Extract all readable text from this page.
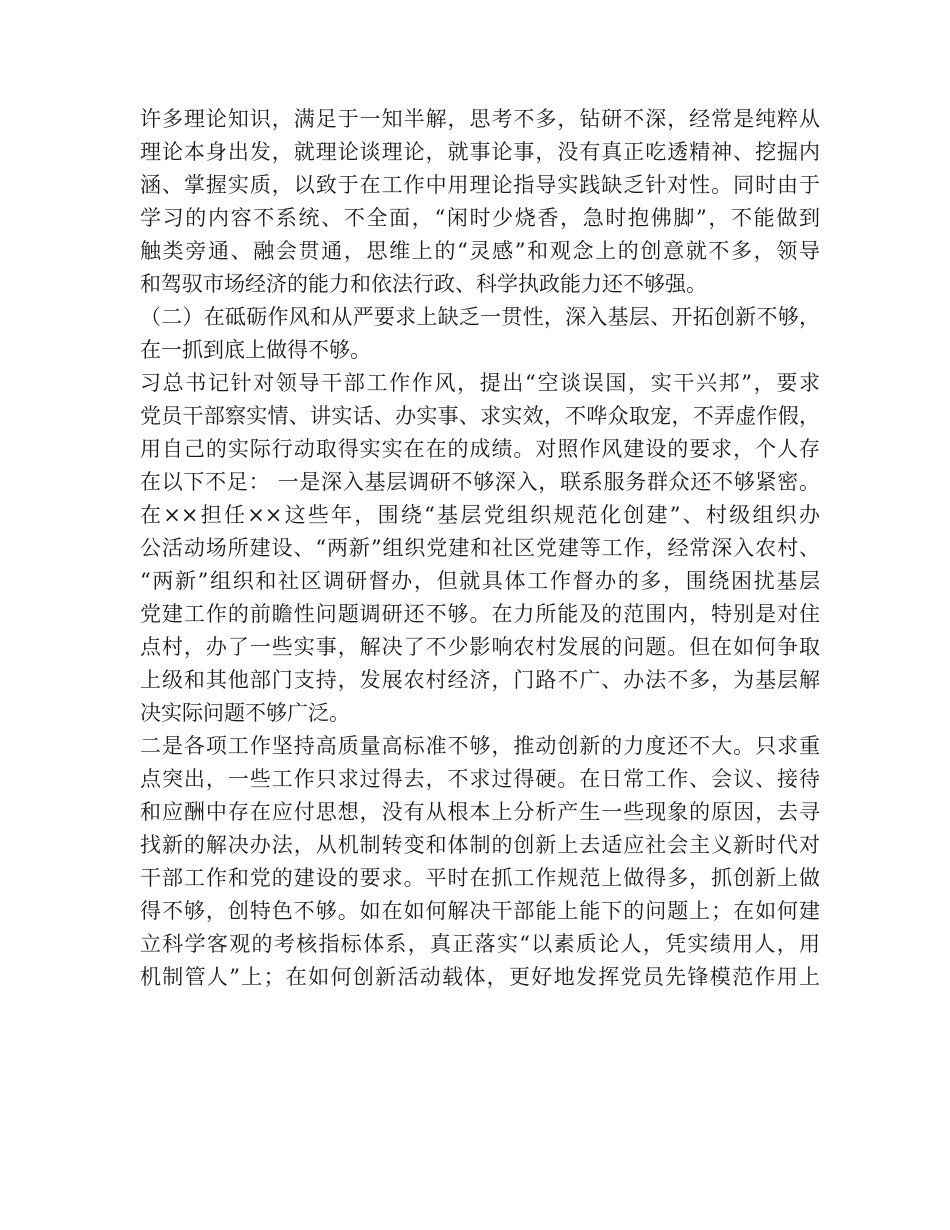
许多理论知识，满足于一知半解，思考不多，钻研不深，经常是纯粹从
理论本身出发，就理论谈理论，就事论事，没有真正吃透精神、挖掘内
涵、掌握实质，以致于在工作中用理论指导实践缺乏针对性。同时由于
学习的内容不系统、不全面，“闲时少烧香，急时抱佛脚”，不能做到
触类旁通、融会贯通，思维上的“灵感”和观念上的创意就不多，领导
和驾驭市场经济的能力和依法行政、科学执政能力还不够强。
（二）在砥砺作风和从严要求上缺乏一贯性，深入基层、开拓创新不够，
在一抓到底上做得不够。
习总书记针对领导干部工作作风，提出“空谈误国，实干兴邦”，要求
党员干部察实情、讲实话、办实事、求实效，不哗众取宠，不弄虚作假，
用自己的实际行动取得实实在在的成绩。对照作风建设的要求，个人存
在以下不足： 一是深入基层调研不够深入，联系服务群众还不够紧密。
在××担任××这些年，围绕“基层党组织规范化创建”、村级组织办
公活动场所建设、“两新”组织党建和社区党建等工作，经常深入农村、
“两新”组织和社区调研督办，但就具体工作督办的多，围绕困扰基层
党建工作的前瞻性问题调研还不够。在力所能及的范围内，特别是对住
点村，办了一些实事，解决了不少影响农村发展的问题。但在如何争取
上级和其他部门支持，发展农村经济，门路不广、办法不多，为基层解
决实际问题不够广泛。
二是各项工作坚持高质量高标准不够，推动创新的力度还不大。只求重
点突出，一些工作只求过得去，不求过得硬。在日常工作、会议、接待
和应酬中存在应付思想，没有从根本上分析产生一些现象的原因，去寻
找新的解决办法，从机制转变和体制的创新上去适应社会主义新时代对
干部工作和党的建设的要求。平时在抓工作规范上做得多，抓创新上做
得不够，创特色不够。如在如何解决干部能上能下的问题上；在如何建
立科学客观的考核指标体系，真正落实“以素质论人，凭实绩用人，用
机制管人”上；在如何创新活动载体，更好地发挥党员先锋模范作用上
